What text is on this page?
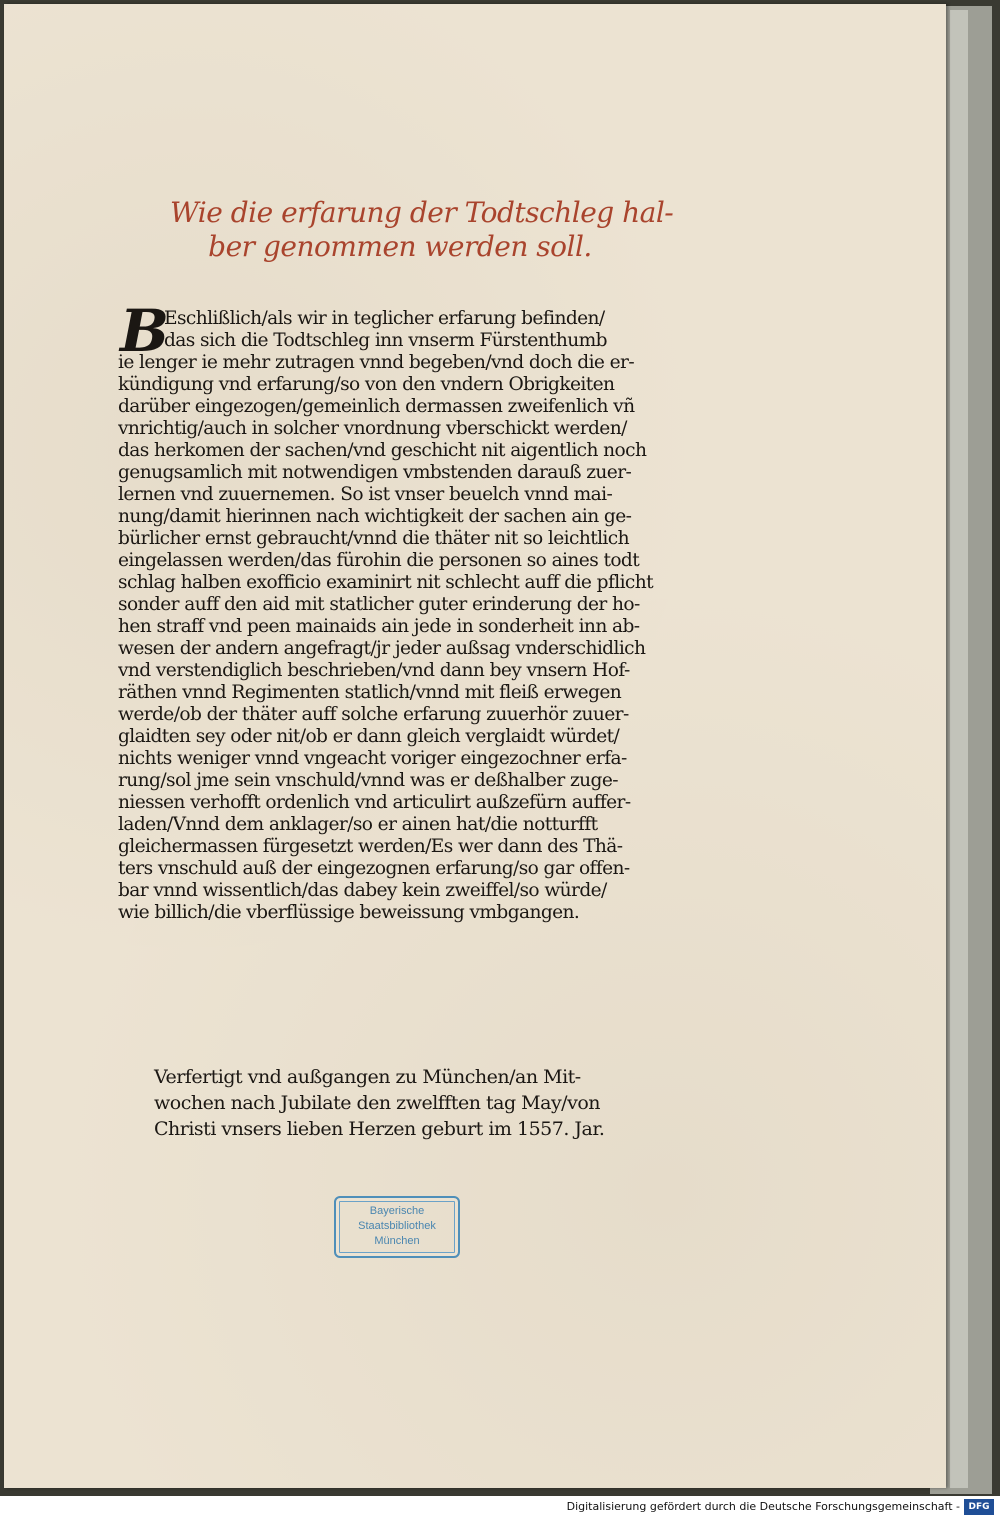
Wie die erfarung der Todtschleg hal-
ber genommen werden soll.
B
Eschlißlich/als wir in teglicher erfarung befinden/
das sich die Todtschleg inn vnserm Fürstenthumb
ie lenger ie mehr zutragen vnnd begeben/vnd doch die er-
kündigung vnd erfarung/so von den vndern Obrigkeiten
darüber eingezogen/gemeinlich dermassen zweifenlich vñ
vnrichtig/auch in solcher vnordnung vberschickt werden/
das herkomen der sachen/vnd geschicht nit aigentlich noch
genugsamlich mit notwendigen vmbstenden darauß zuer-
lernen vnd zuuernemen. So ist vnser beuelch vnnd mai-
nung/damit hierinnen nach wichtigkeit der sachen ain ge-
bürlicher ernst gebraucht/vnnd die thäter nit so leichtlich
eingelassen werden/das fürohin die personen so aines todt
schlag halben exofficio examinirt nit schlecht auff die pflicht
sonder auff den aid mit statlicher guter erinderung der ho-
hen straff vnd peen mainaids ain jede in sonderheit inn ab-
wesen der andern angefragt/jr jeder außsag vnderschidlich
vnd verstendiglich beschrieben/vnd dann bey vnsern Hof-
räthen vnnd Regimenten statlich/vnnd mit fleiß erwegen
werde/ob der thäter auff solche erfarung zuuerhör zuuer-
glaidten sey oder nit/ob er dann gleich verglaidt würdet/
nichts weniger vnnd vngeacht voriger eingezochner erfa-
rung/sol jme sein vnschuld/vnnd was er deßhalber zuge-
niessen verhofft ordenlich vnd articulirt außzefürn auffer-
laden/Vnnd dem anklager/so er ainen hat/die notturfft
gleichermassen fürgesetzt werden/Es wer dann des Thä-
ters vnschuld auß der eingezognen erfarung/so gar offen-
bar vnnd wissentlich/das dabey kein zweiffel/so würde/
wie billich/die vberflüssige beweissung vmbgangen.
Verfertigt vnd außgangen zu München/an Mit-
wochen nach Jubilate den zwelfften tag May/von
Christi vnsers lieben Herzen geburt im 1557. Jar.
Bayerische
Staatsbibliothek
München
Digitalisierung gefördert durch die Deutsche Forschungsgemeinschaft - DFG
